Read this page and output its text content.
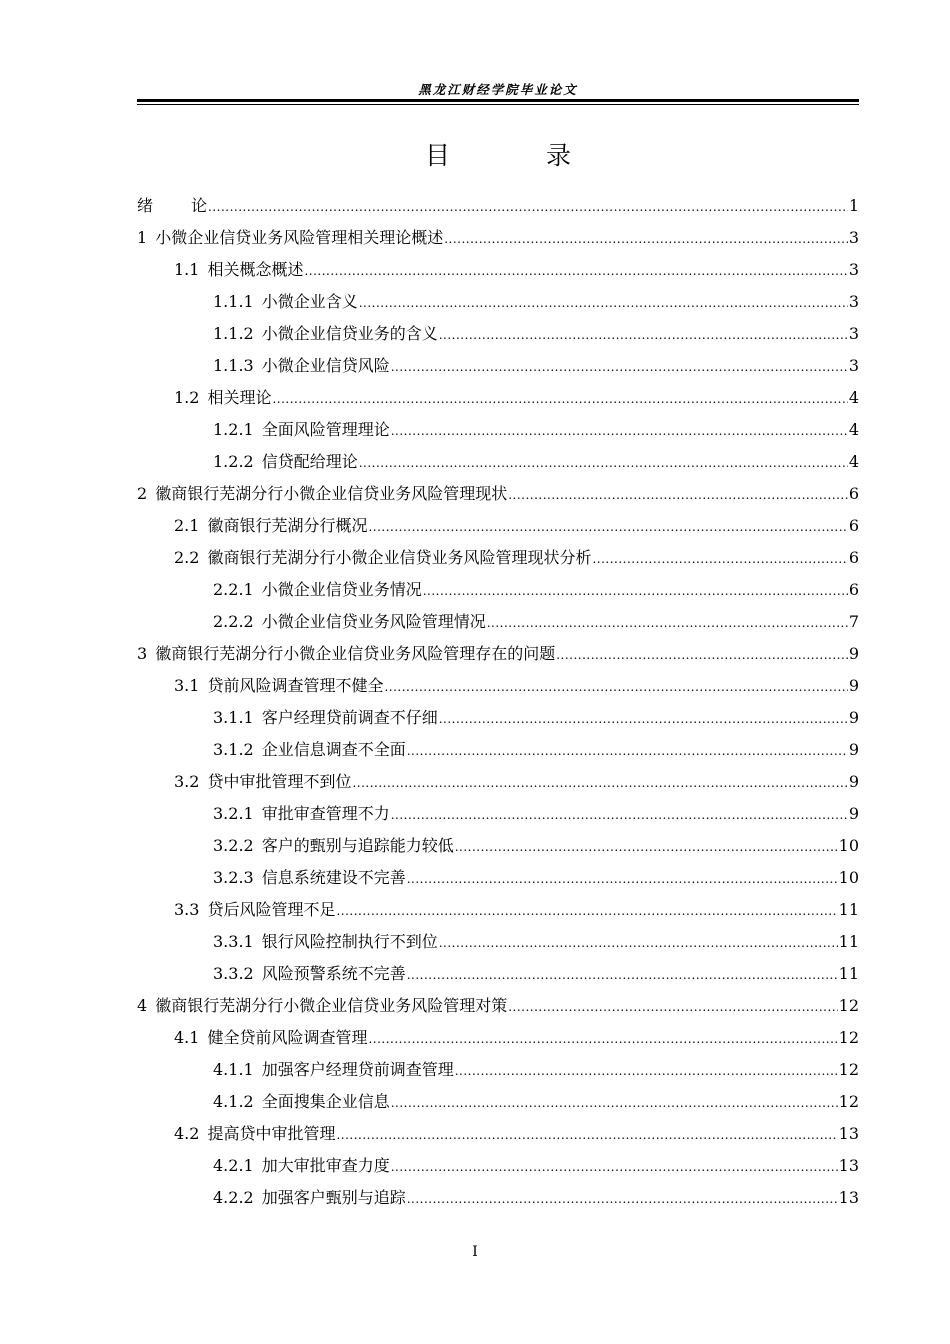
黑龙江财经学院毕业论文
目 录
绪 论 .....	1
1 小微企业信贷业务风险管理相关理论概述 .....	3
1.1 相关概念概述 .....	3
1.1.1 小微企业含义 .....	3
1.1.2 小微企业信贷业务的含义 .....	3
1.1.3 小微企业信贷风险 .....	3
1.2 相关理论 .....	4
1.2.1 全面风险管理理论 .....	4
1.2.2 信贷配给理论 .....	4
2 徽商银行芜湖分行小微企业信贷业务风险管理现状 .....	6
2.1 徽商银行芜湖分行概况 .....	6
2.2 徽商银行芜湖分行小微企业信贷业务风险管理现状分析 .....	6
2.2.1 小微企业信贷业务情况 .....	6
2.2.2 小微企业信贷业务风险管理情况 .....	7
3 徽商银行芜湖分行小微企业信贷业务风险管理存在的问题 .....	9
3.1 贷前风险调查管理不健全 .....	9
3.1.1 客户经理贷前调查不仔细 .....	9
3.1.2 企业信息调查不全面 .....	9
3.2 贷中审批管理不到位 .....	9
3.2.1 审批审查管理不力 .....	9
3.2.2 客户的甄别与追踪能力较低 .....	10
3.2.3 信息系统建设不完善 .....	10
3.3 贷后风险管理不足 .....	11
3.3.1 银行风险控制执行不到位 .....	11
3.3.2 风险预警系统不完善 .....	11
4 徽商银行芜湖分行小微企业信贷业务风险管理对策 .....	12
4.1 健全贷前风险调查管理 .....	12
4.1.1 加强客户经理贷前调查管理 .....	12
4.1.2 全面搜集企业信息 .....	12
4.2 提高贷中审批管理 .....	13
4.2.1 加大审批审查力度 .....	13
4.2.2 加强客户甄别与追踪 .....	13
I
